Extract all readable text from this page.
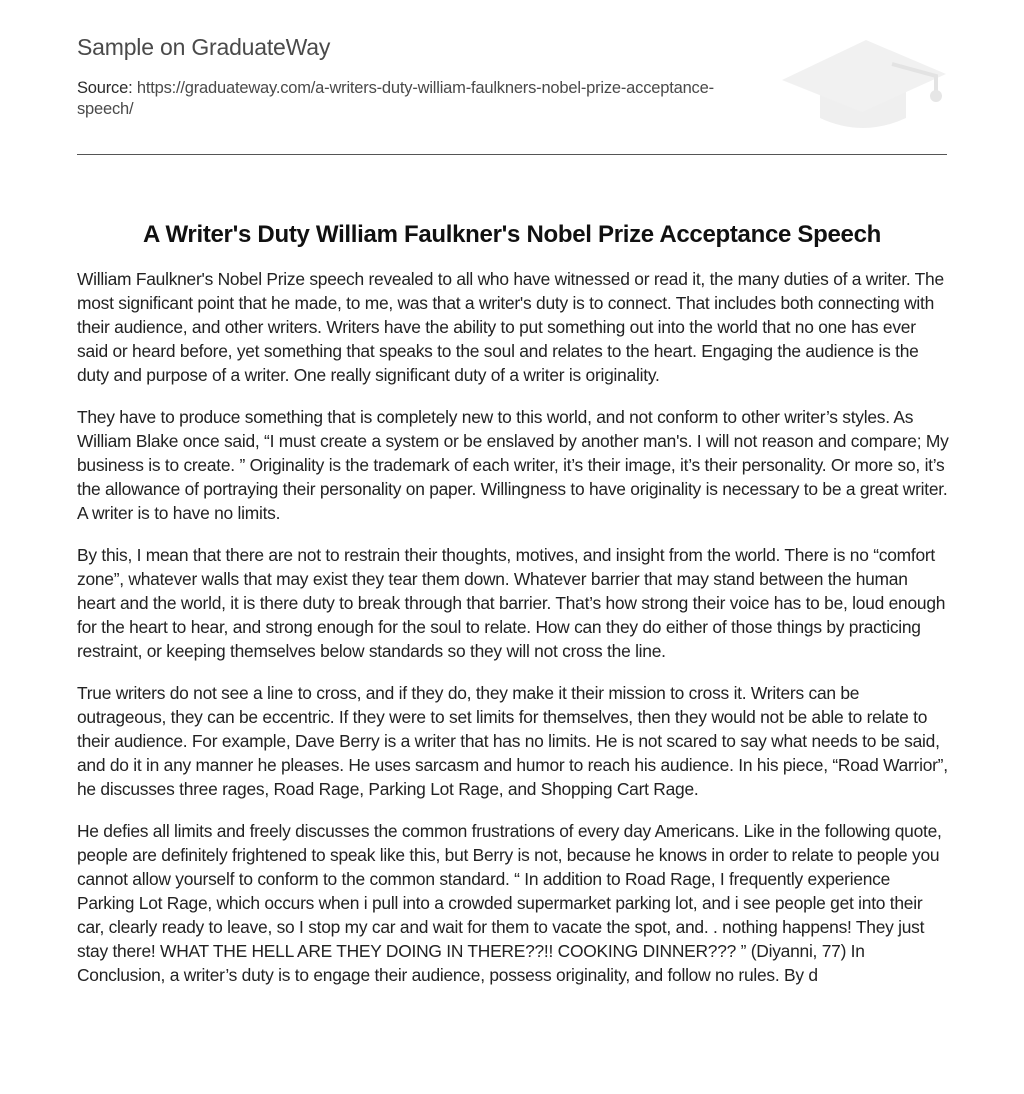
Sample on GraduateWay
Source: https://graduateway.com/a-writers-duty-william-faulkners-nobel-prize-acceptance-speech/
A Writer's Duty William Faulkner's Nobel Prize Acceptance Speech

William Faulkner's Nobel Prize speech revealed to all who have witnessed or read it, the many duties of a writer. The most significant point that he made, to me, was that a writer's duty is to connect. That includes both connecting with their audience, and other writers. Writers have the ability to put something out into the world that no one has ever said or heard before, yet something that speaks to the soul and relates to the heart. Engaging the audience is the duty and purpose of a writer. One really significant duty of a writer is originality.

They have to produce something that is completely new to this world, and not conform to other writer’s styles. As William Blake once said, “I must create a system or be enslaved by another man's. I will not reason and compare; My business is to create. ” Originality is the trademark of each writer, it’s their image, it’s their personality. Or more so, it’s the allowance of portraying their personality on paper. Willingness to have originality is necessary to be a great writer. A writer is to have no limits.

By this, I mean that there are not to restrain their thoughts, motives, and insight from the world. There is no “comfort zone”, whatever walls that may exist they tear them down. Whatever barrier that may stand between the human heart and the world, it is there duty to break through that barrier. That’s how strong their voice has to be, loud enough for the heart to hear, and strong enough for the soul to relate. How can they do either of those things by practicing restraint, or keeping themselves below standards so they will not cross the line.

True writers do not see a line to cross, and if they do, they make it their mission to cross it. Writers can be outrageous, they can be eccentric. If they were to set limits for themselves, then they would not be able to relate to their audience. For example, Dave Berry is a writer that has no limits. He is not scared to say what needs to be said, and do it in any manner he pleases. He uses sarcasm and humor to reach his audience. In his piece, “Road Warrior”, he discusses three rages, Road Rage, Parking Lot Rage, and Shopping Cart Rage.

He defies all limits and freely discusses the common frustrations of every day Americans. Like in the following quote, people are definitely frightened to speak like this, but Berry is not, because he knows in order to relate to people you cannot allow yourself to conform to the common standard. “ In addition to Road Rage, I frequently experience Parking Lot Rage, which occurs when i pull into a crowded supermarket parking lot, and i see people get into their car, clearly ready to leave, so I stop my car and wait for them to vacate the spot, and. . nothing happens! They just stay there! WHAT THE HELL ARE THEY DOING IN THERE??!! COOKING DINNER??? ” (Diyanni, 77) In Conclusion, a writer’s duty is to engage their audience, possess originality, and follow no rules. By d
